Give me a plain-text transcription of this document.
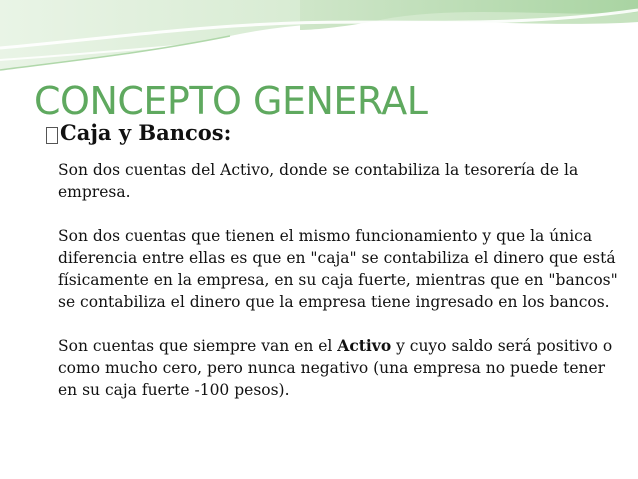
CONCEPTO GENERAL
Caja y Bancos:

Son dos cuentas del Activo, donde se contabiliza la tesorería de la empresa.

Son dos cuentas que tienen el mismo funcionamiento y que la única diferencia entre ellas es que en "caja" se contabiliza el dinero que está físicamente en la empresa, en su caja fuerte, mientras que en "bancos" se contabiliza el dinero que la empresa tiene ingresado en los bancos.

Son cuentas que siempre van en el Activo y cuyo saldo será positivo o como mucho cero, pero nunca negativo (una empresa no puede tener en su caja fuerte -100 pesos).
